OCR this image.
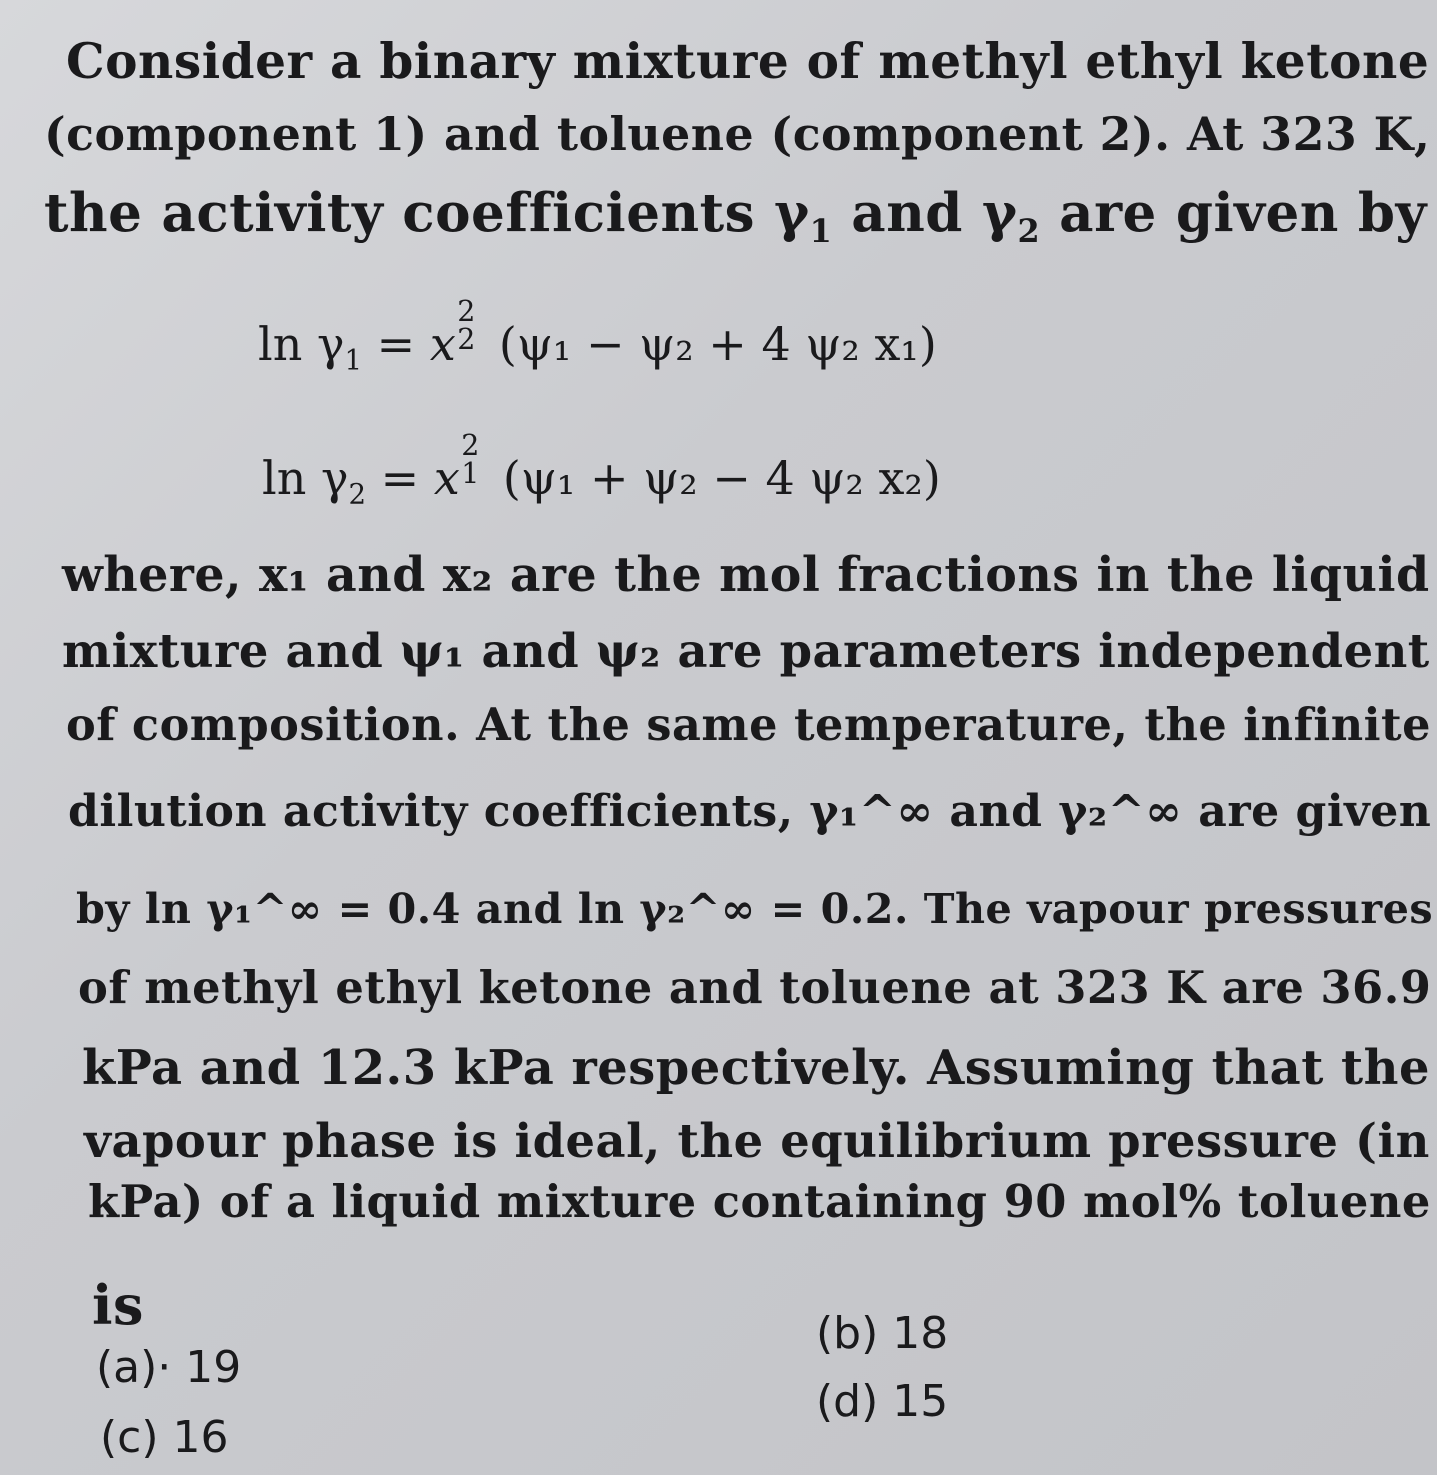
Consider a binary mixture of methyl ethyl ketone
(component 1) and toluene (component 2). At 323 K,
the activity coefficients $\gamma_1$ and $\gamma_2$ are given by
$\ln \gamma_1 = x$
2
2 (ψ₁ − ψ₂ + 4 ψ₂ x₁)
$\ln \gamma_2 = x$
2
1 (ψ₁ + ψ₂ − 4 ψ₂ x₂)
where, x₁ and x₂ are the mol fractions in the liquid
mixture and ψ₁ and ψ₂ are parameters independent
of composition. At the same temperature, the infinite
dilution activity coefficients, γ₁^∞ and γ₂^∞ are given
by ln γ₁^∞ = 0.4 and ln γ₂^∞ = 0.2. The vapour pressures
of methyl ethyl ketone and toluene at 323 K are 36.9
kPa and 12.3 kPa respectively. Assuming that the
vapour phase is ideal, the equilibrium pressure (in
kPa) of a liquid mixture containing 90 mol% toluene
is
(a)· 19
(b) 18
(c) 16
(d) 15
